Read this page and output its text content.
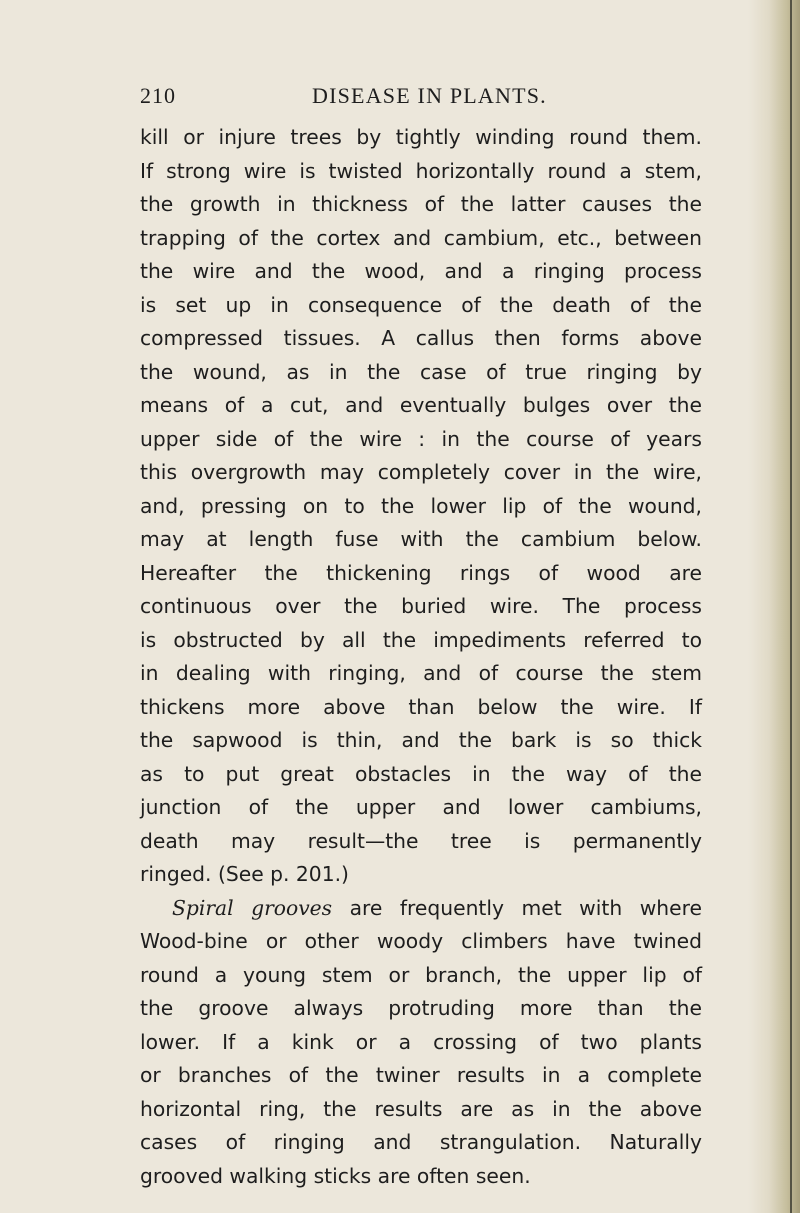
210	DISEASE IN PLANTS.
kill or injure trees by tightly winding round them.
If strong wire is twisted horizontally round a stem,
the growth in thickness of the latter causes the
trapping of the cortex and cambium, etc., between
the wire and the wood, and a ringing process
is set up in consequence of the death of the
compressed tissues. A callus then forms above
the wound, as in the case of true ringing by
means of a cut, and eventually bulges over the
upper side of the wire : in the course of years
this overgrowth may completely cover in the wire,
and, pressing on to the lower lip of the wound,
may at length fuse with the cambium below.
Hereafter the thickening rings of wood are
continuous over the buried wire. The process
is obstructed by all the impediments referred to
in dealing with ringing, and of course the stem
thickens more above than below the wire. If
the sapwood is thin, and the bark is so thick
as to put great obstacles in the way of the
junction of the upper and lower cambiums,
death may result—the tree is permanently
ringed. (See p. 201.)
Spiral grooves are frequently met with where
Wood-bine or other woody climbers have twined
round a young stem or branch, the upper lip of
the groove always protruding more than the
lower. If a kink or a crossing of two plants
or branches of the twiner results in a complete
horizontal ring, the results are as in the above
cases of ringing and strangulation. Naturally
grooved walking sticks are often seen.
